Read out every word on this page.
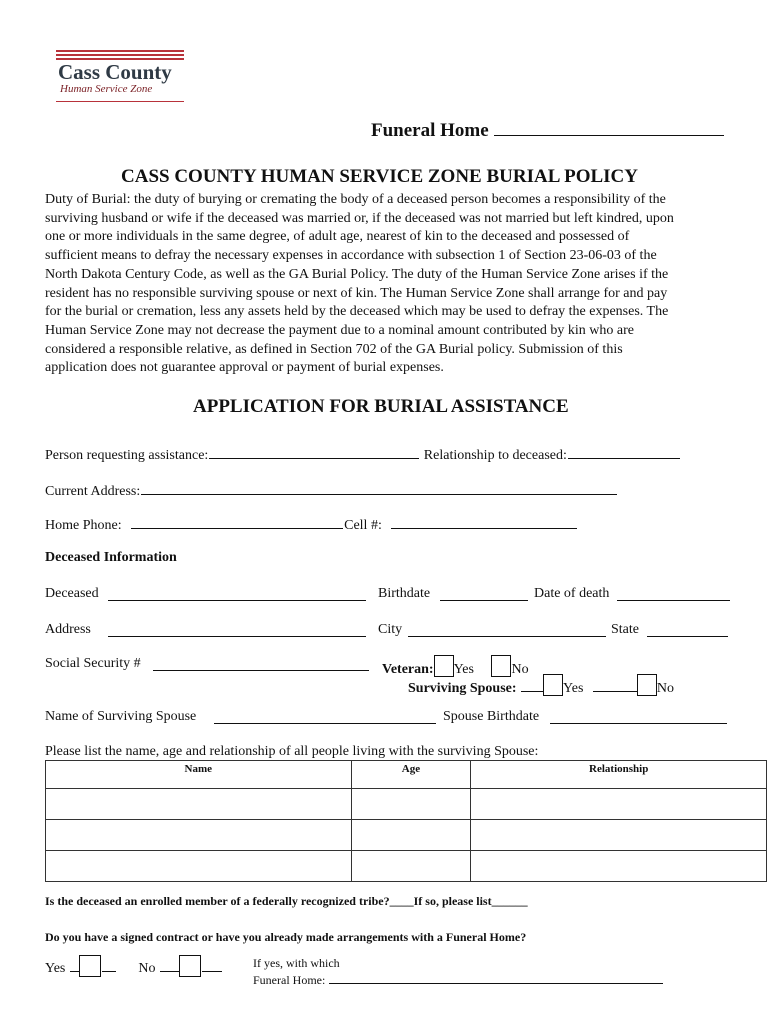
Cass County
Human Service Zone
Funeral Home
CASS COUNTY HUMAN SERVICE ZONE BURIAL POLICY
Duty of Burial: the duty of burying or cremating the body of a deceased person becomes a responsibility of the
surviving husband or wife if the deceased was married or, if the deceased was not married but left kindred, upon
one or more individuals in the same degree, of adult age, nearest of kin to the deceased and possessed of
sufficient means to defray the necessary expenses in accordance with subsection 1 of Section 23-06-03 of the
North Dakota Century Code, as well as the GA Burial Policy. The duty of the Human Service Zone arises if the
resident has no responsible surviving spouse or next of kin. The Human Service Zone shall arrange for and pay
for the burial or cremation, less any assets held by the deceased which may be used to defray the expenses. The
Human Service Zone may not decrease the payment due to a nominal amount contributed by kin who are
considered a responsible relative, as defined in Section 702 of the GA Burial policy. Submission of this
application does not guarantee approval or payment of burial expenses.
APPLICATION FOR BURIAL ASSISTANCE
Person requesting assistance:	Relationship to deceased:
Current Address:
Home Phone:	Cell #:
Deceased Information
Deceased	Birthdate	Date of death
Address	City	State
Social Security #	Veteran: Yes	No
Surviving Spouse:	Yes	No
Name of Surviving Spouse	Spouse Birthdate
Please list the name, age and relationship of all people living with the surviving Spouse:
Name	Age	Relationship

Is the deceased an enrolled member of a federally recognized tribe?____If so, please list______
Do you have a signed contract or have you already made arrangements with a Funeral Home?
Yes	No	If yes, with which
Funeral Home:
